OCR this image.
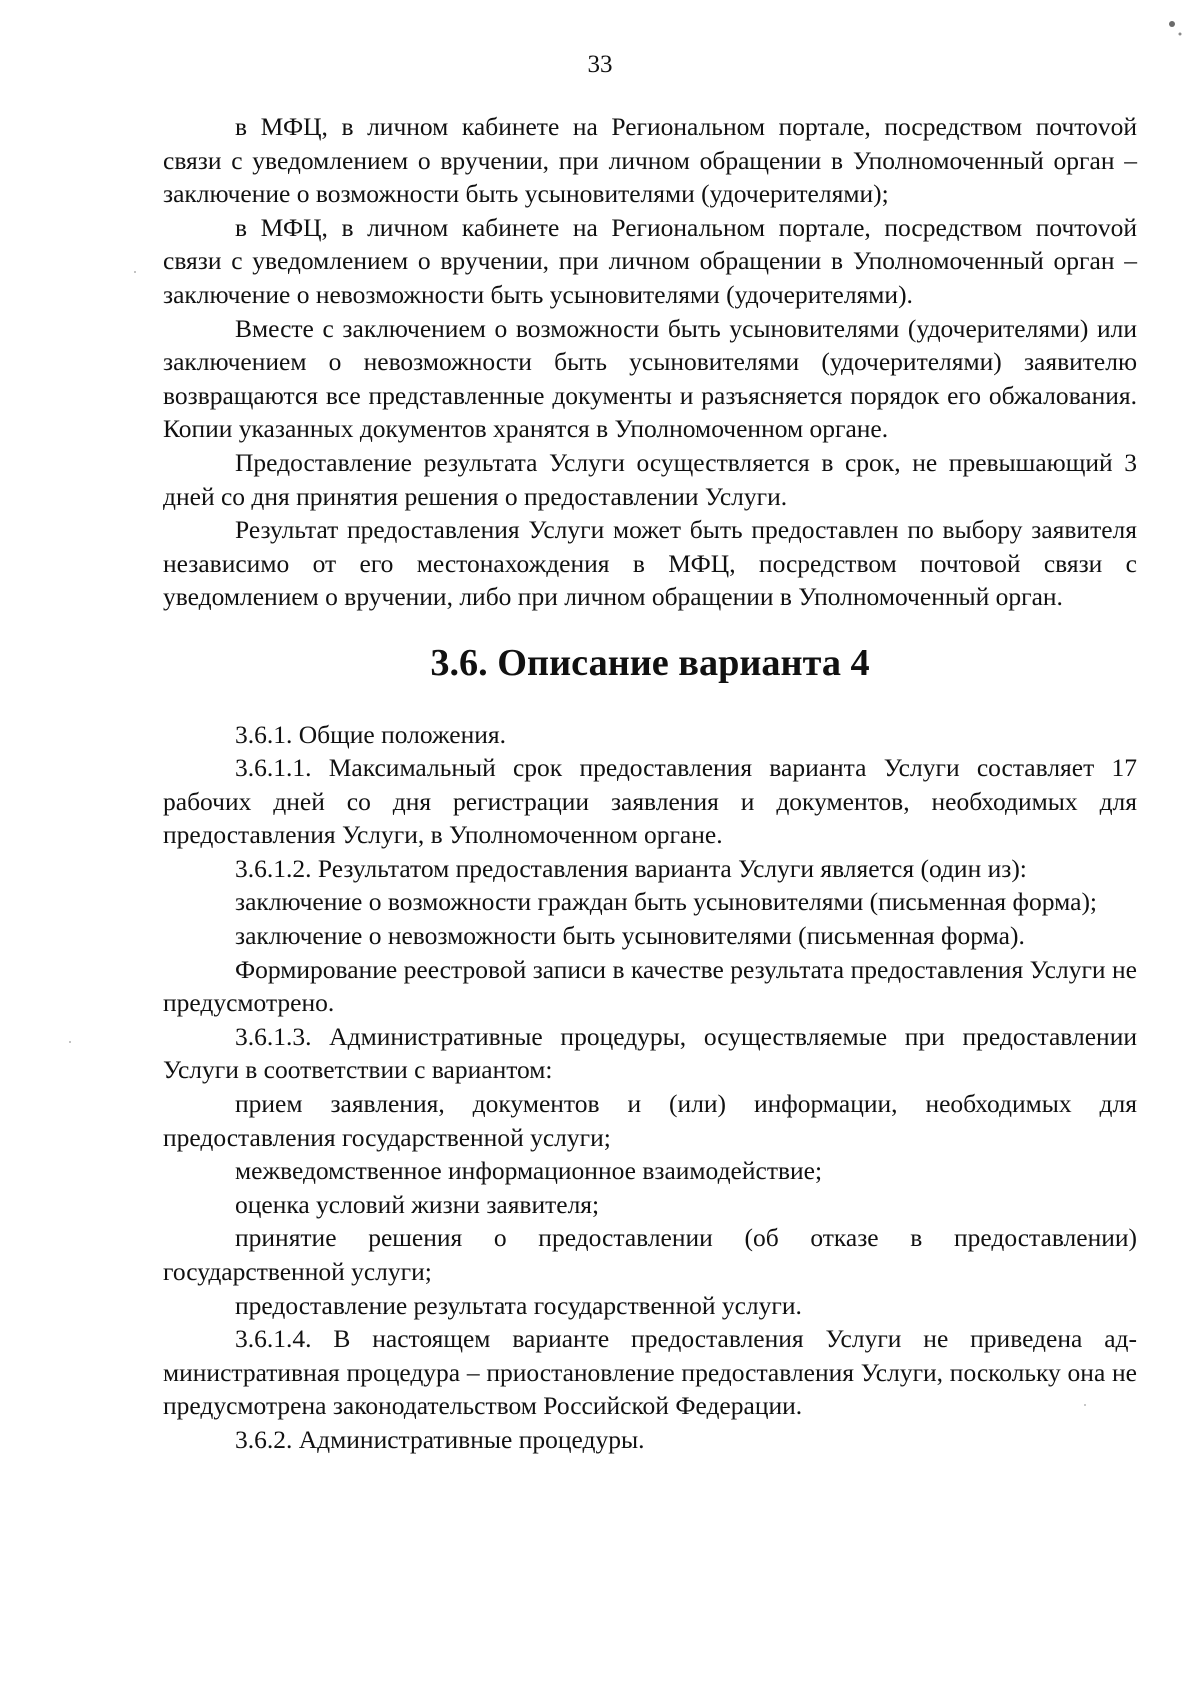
33

в МФЦ, в личном кабинете на Региональном портале, посредством почтоvой связи с уведомлением о вручении, при личном обращении в Уполномоченный орган – заключение о возможности быть усыновителями (удочерителями);

в МФЦ, в личном кабинете на Региональном портале, посредством почтоvой связи с уведомлением о вручении, при личном обращении в Уполномоченный орган – заключение о невозможности быть усыновителями (удочерителями).

Вместе с заключением о возможности быть усыновителями (удочерителями) или заключением о невозможности быть усыновителями (удочерителями) заявителю возвращаются все представленные документы и разъясняется порядок его обжалования. Копии указанных документов хранятся в Уполномоченном органе.

Предоставление результата Услуги осуществляется в срок, не превышающий 3 дней со дня принятия решения о предоставлении Услуги.

Результат предоставления Услуги может быть предоставлен по выбору заявителя независимо от его местонахождения в МФЦ, посредством почтовой связи с уведомлением о вручении, либо при личном обращении в Уполномоченный орган.

3.6. Описание варианта 4

3.6.1. Общие положения.

3.6.1.1. Максимальный срок предоставления варианта Услуги составляет 17 рабочих дней со дня регистрации заявления и документов, необходимых для предоставления Услуги, в Уполномоченном органе.

3.6.1.2. Результатом предоставления варианта Услуги является (один из):

заключение о возможности граждан быть усыновителями (письменная форма);

заключение о невозможности быть усыновителями (письменная форма).

Формирование реестровой записи в качестве результата предоставления Услуги не предусмотрено.

3.6.1.3. Административные процедуры, осуществляемые при предоставлении Услуги в соответствии с вариантом:

прием заявления, документов и (или) информации, необходимых для предоставления государственной услуги;

межведомственное информационное взаимодействие;

оценка условий жизни заявителя;

принятие решения о предоставлении (об отказе в предоставлении) государственной услуги;

предоставление результата государственной услуги.

3.6.1.4. В настоящем варианте предоставления Услуги не приведена административная процедура – приостановление предоставления Услуги, поскольку она не предусмотрена законодательством Российской Федерации.

3.6.2. Административные процедуры.
